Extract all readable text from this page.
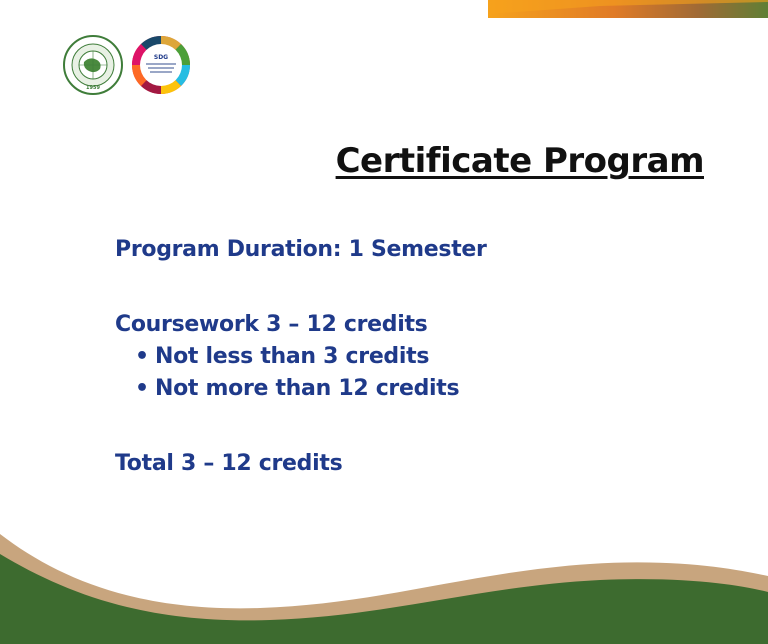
1959
SDG
Certificate Program
Program Duration: 1 Semester
Coursework 3 – 12 credits
• Not less than 3 credits
• Not more than 12 credits
Total 3 – 12 credits
